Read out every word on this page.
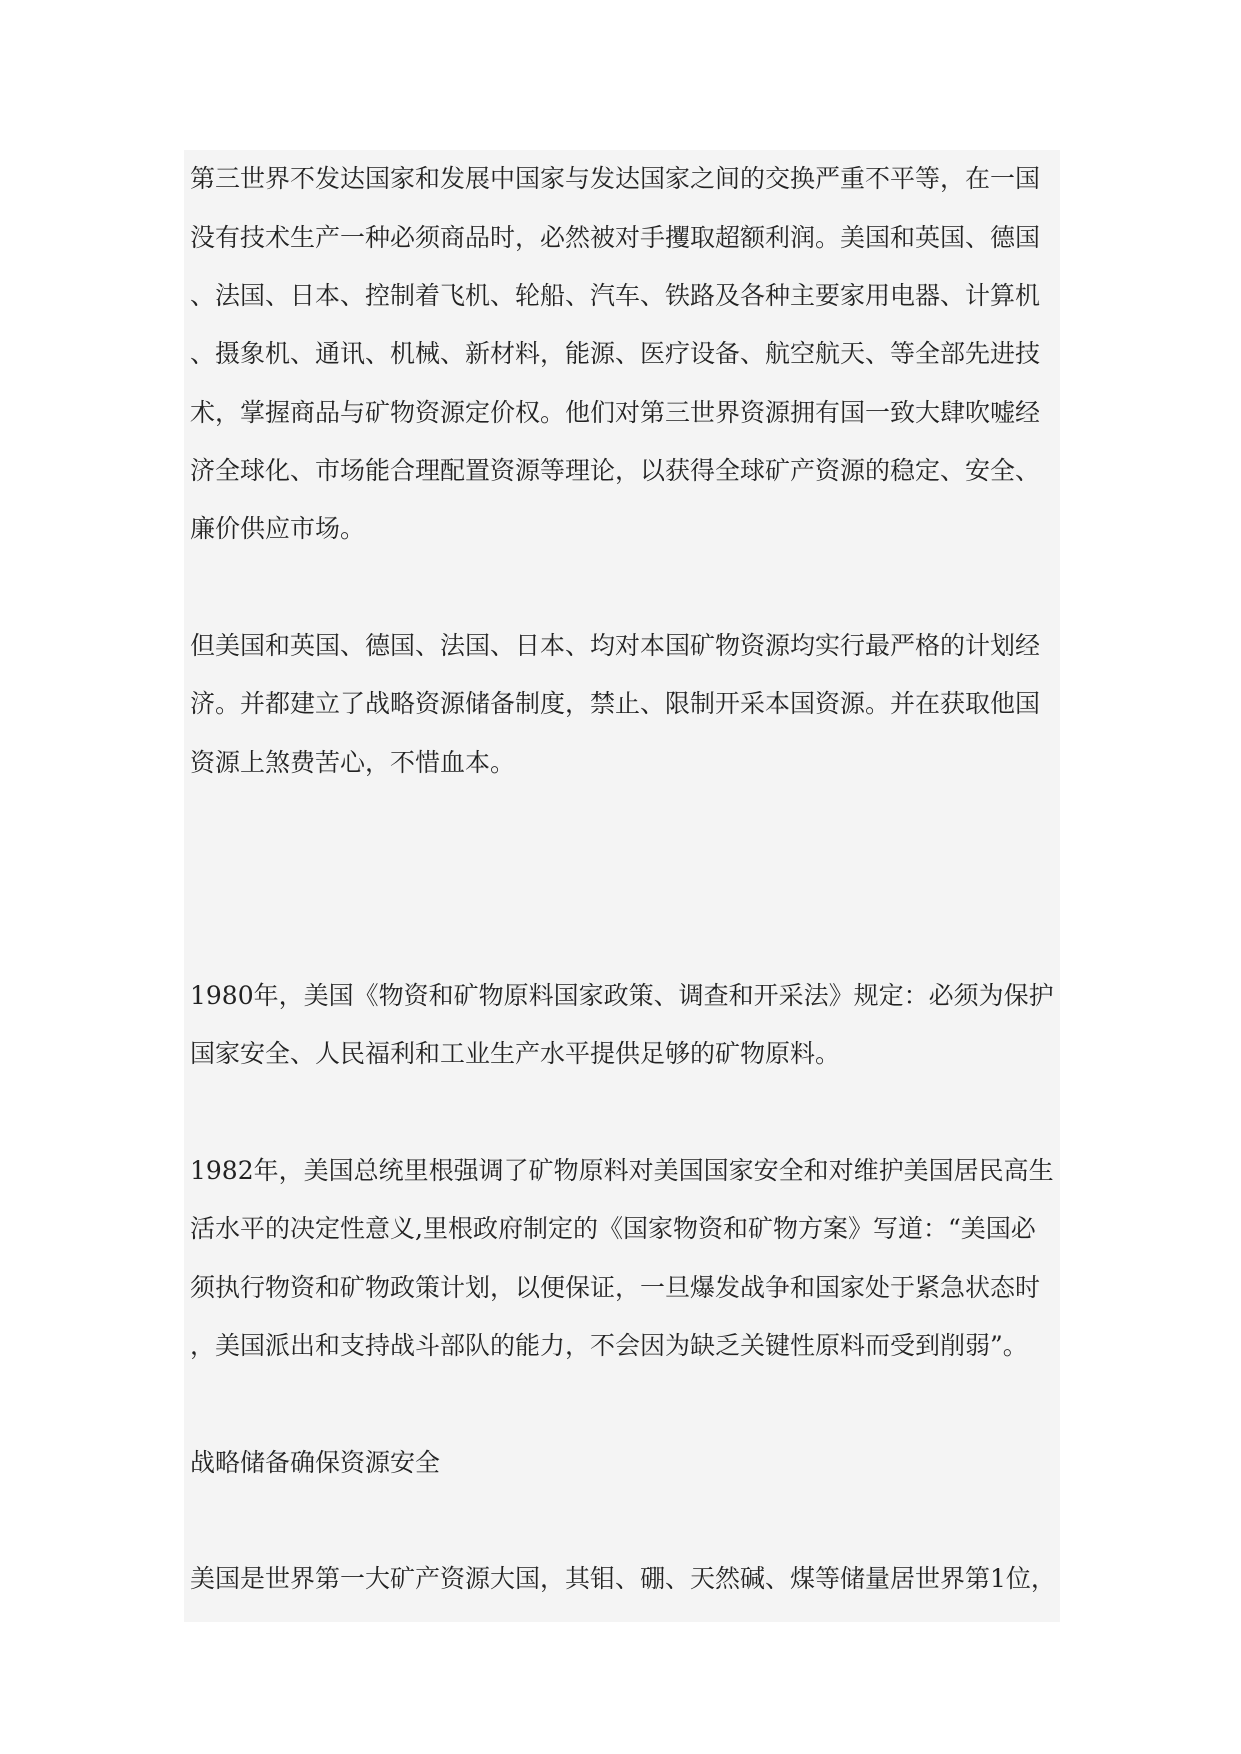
第三世界不发达国家和发展中国家与发达国家之间的交换严重不平等，在一国

没有技术生产一种必须商品时，必然被对手攫取超额利润。美国和英国、德国

、法国、日本、控制着飞机、轮船、汽车、铁路及各种主要家用电器、计算机

、摄象机、通讯、机械、新材料，能源、医疗设备、航空航天、等全部先进技

术，掌握商品与矿物资源定价权。他们对第三世界资源拥有国一致大肆吹嘘经

济全球化、市场能合理配置资源等理论，以获得全球矿产资源的稳定、安全、

廉价供应市场。

但美国和英国、德国、法国、日本、均对本国矿物资源均实行最严格的计划经

济。并都建立了战略资源储备制度，禁止、限制开采本国资源。并在获取他国

资源上煞费苦心，不惜血本。

1980年，美国《物资和矿物原料国家政策、调查和开采法》规定：必须为保护

国家安全、人民福利和工业生产水平提供足够的矿物原料。

1982年，美国总统里根强调了矿物原料对美国国家安全和对维护美国居民高生

活水平的决定性意义,里根政府制定的《国家物资和矿物方案》写道：“美国必

须执行物资和矿物政策计划，以便保证，一旦爆发战争和国家处于紧急状态时

，美国派出和支持战斗部队的能力，不会因为缺乏关键性原料而受到削弱”。

战略储备确保资源安全

美国是世界第一大矿产资源大国，其钼、硼、天然碱、煤等储量居世界第1位，
